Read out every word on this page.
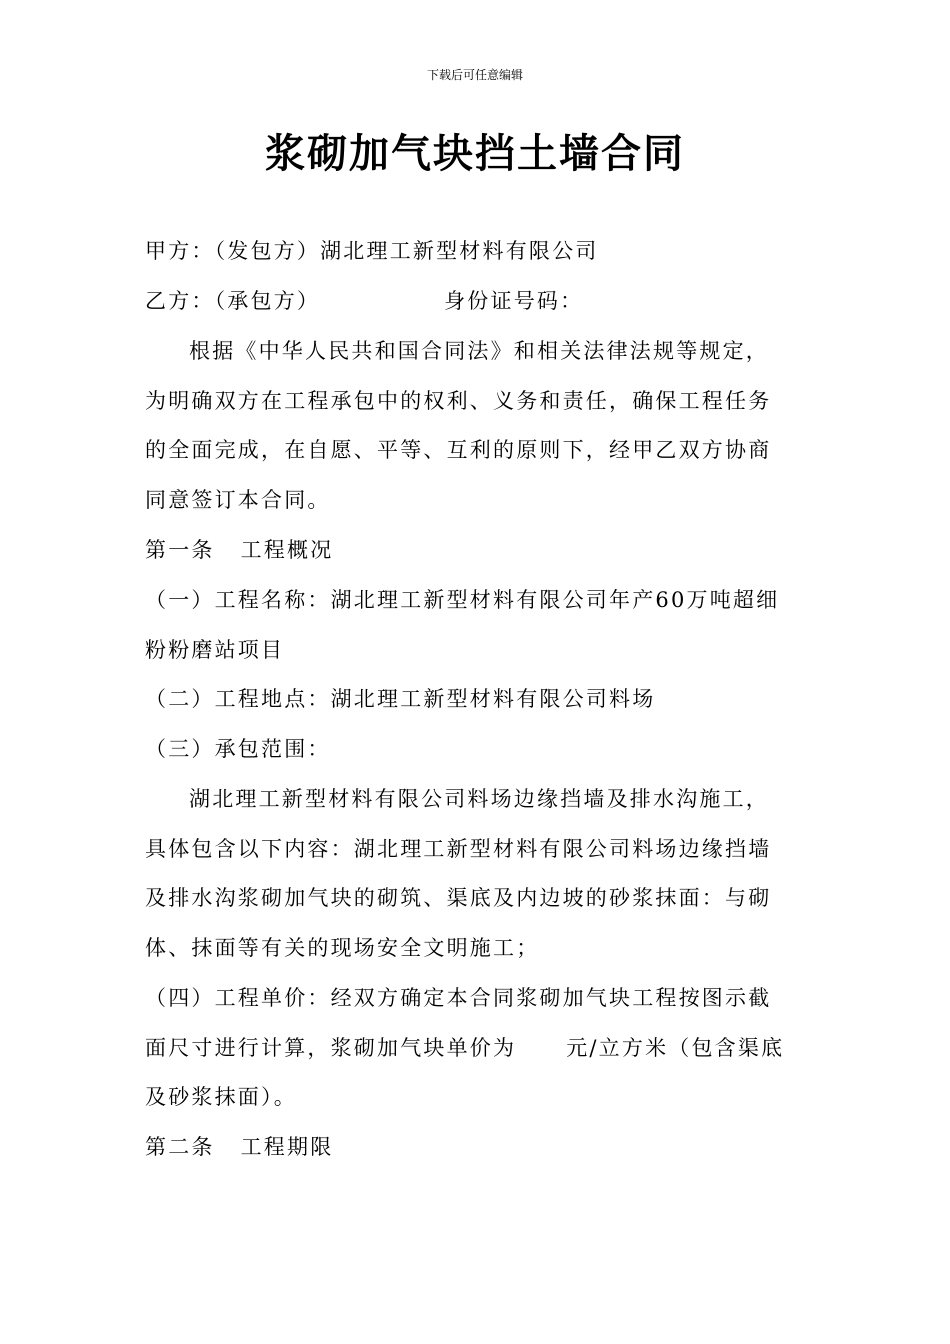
下载后可任意编辑
浆砌加气块挡土墙合同
甲方：（发包方）湖北理工新型材料有限公司
乙方：（承包方）	身份证号码：
根据《中华人民共和国合同法》和相关法律法规等规定，
为明确双方在工程承包中的权利、义务和责任，确保工程任务
的全面完成，在自愿、平等、互利的原则下，经甲乙双方协商
同意签订本合同。
第一条 工程概况
（一）工程名称：湖北理工新型材料有限公司年产60万吨超细
粉粉磨站项目
（二）工程地点：湖北理工新型材料有限公司料场
（三）承包范围：
湖北理工新型材料有限公司料场边缘挡墙及排水沟施工，
具体包含以下内容：湖北理工新型材料有限公司料场边缘挡墙
及排水沟浆砌加气块的砌筑、渠底及内边坡的砂浆抹面：与砌
体、抹面等有关的现场安全文明施工；
（四）工程单价：经双方确定本合同浆砌加气块工程按图示截
面尺寸进行计算，浆砌加气块单价为 元/立方米（包含渠底
及砂浆抹面）。
第二条 工程期限
